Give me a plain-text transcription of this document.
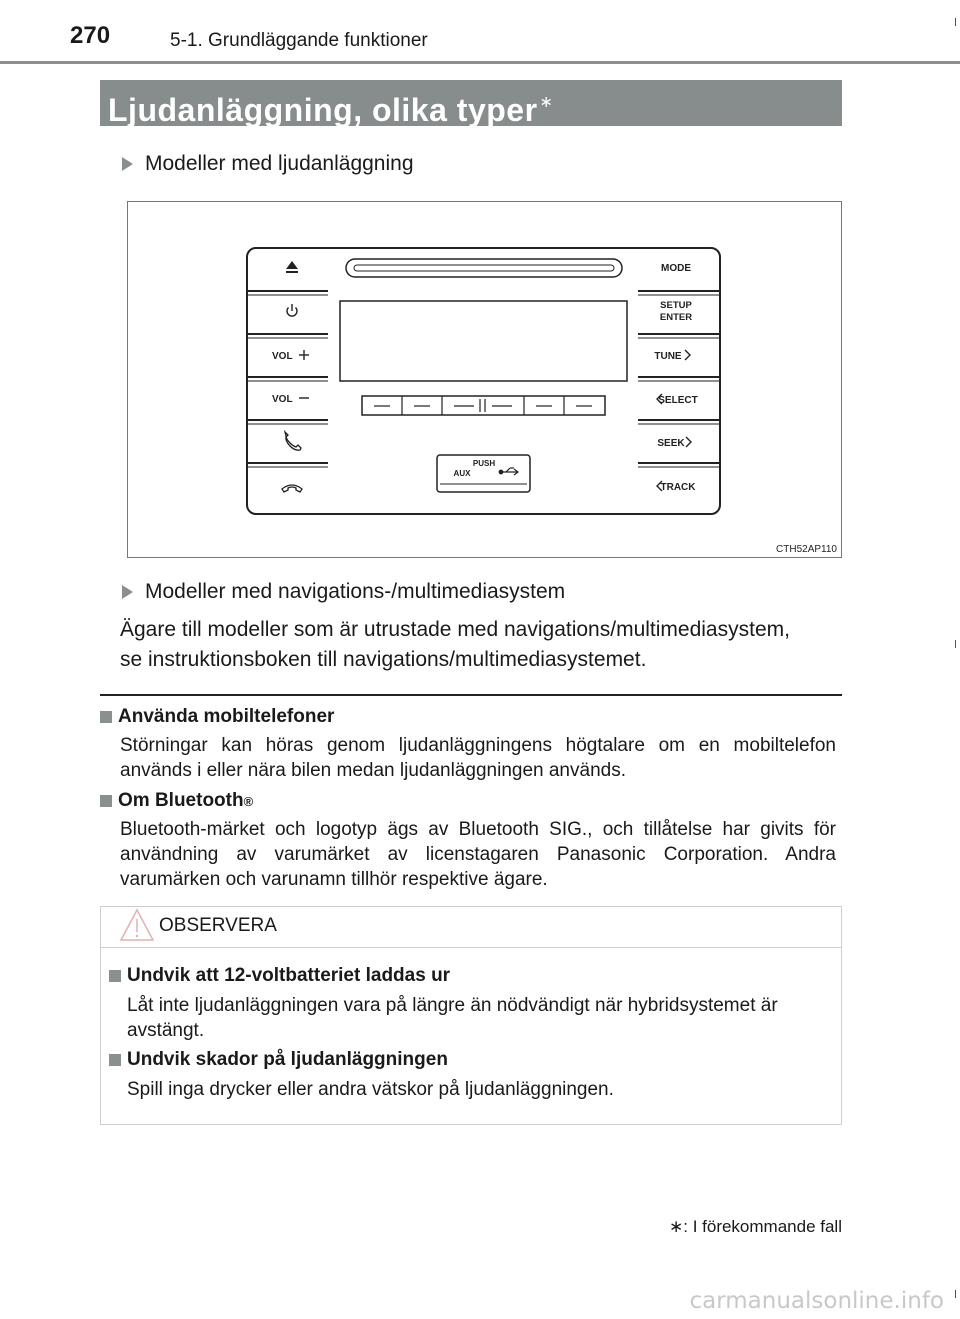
270	5-1. Grundläggande funktioner
Ljudanläggning, olika typer ∗
Modeller med ljudanläggning
PUSH
AUX
VOL
VOL
MODE
SETUP
ENTER
TUNE
SELECT
SEEK
TRACK
CTH52AP110
Modeller med navigations-/multimediasystem
Ägare till modeller som är utrustade med navigations/multimediasystem,
se instruktionsboken till navigations/multimediasystemet.
Använda mobiltelefoner
Störningar kan höras genom ljudanläggningens högtalare om en mobiltelefon används i eller nära bilen medan ljudanläggningen används.
Om Bluetooth ®
Bluetooth-märket och logotyp ägs av Bluetooth SIG., och tillåtelse har givits för användning av varumärket av licenstagaren Panasonic Corporation. Andra varumärken och varunamn tillhör respektive ägare.
OBSERVERA
Undvik att 12-voltbatteriet laddas ur
Låt inte ljudanläggningen vara på längre än nödvändigt när hybridsystemet är avstängt.
Undvik skador på ljudanläggningen
Spill inga drycker eller andra vätskor på ljudanläggningen.
∗: I förekommande fall
carmanualsonline.info
